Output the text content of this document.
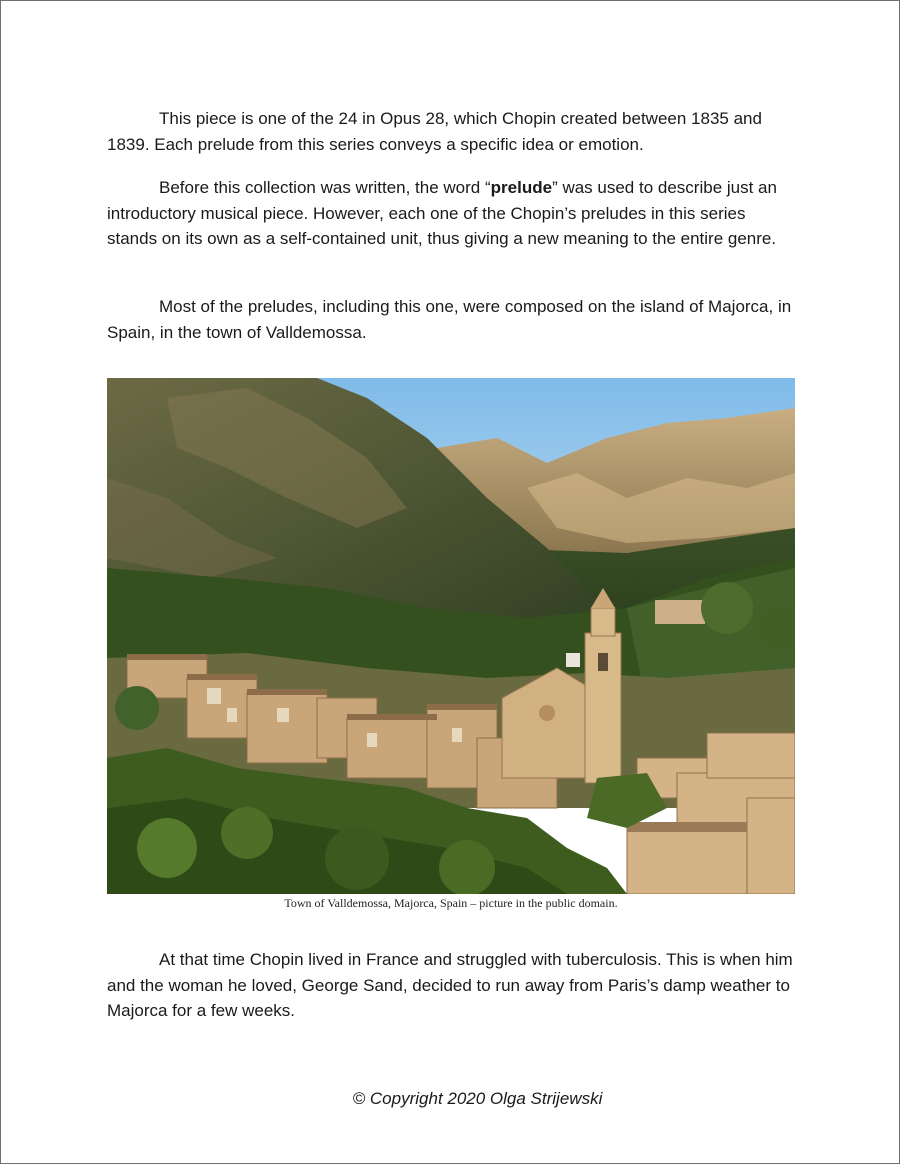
This piece is one of the 24 in Opus 28, which Chopin created between 1835 and 1839. Each prelude from this series conveys a specific idea or emotion.

Before this collection was written, the word “prelude” was used to describe just an introductory musical piece. However, each one of the Chopin’s preludes in this series stands on its own as a self-contained unit, thus giving a new meaning to the entire genre.

Most of the preludes, including this one, were composed on the island of Majorca, in Spain, in the town of Valldemossa.

Town of Valldemossa, Majorca, Spain – picture in the public domain.

At that time Chopin lived in France and struggled with tuberculosis. This is when him and the woman he loved, George Sand, decided to run away from Paris’s damp weather to Majorca for a few weeks.

© Copyright 2020 Olga Strijewski
